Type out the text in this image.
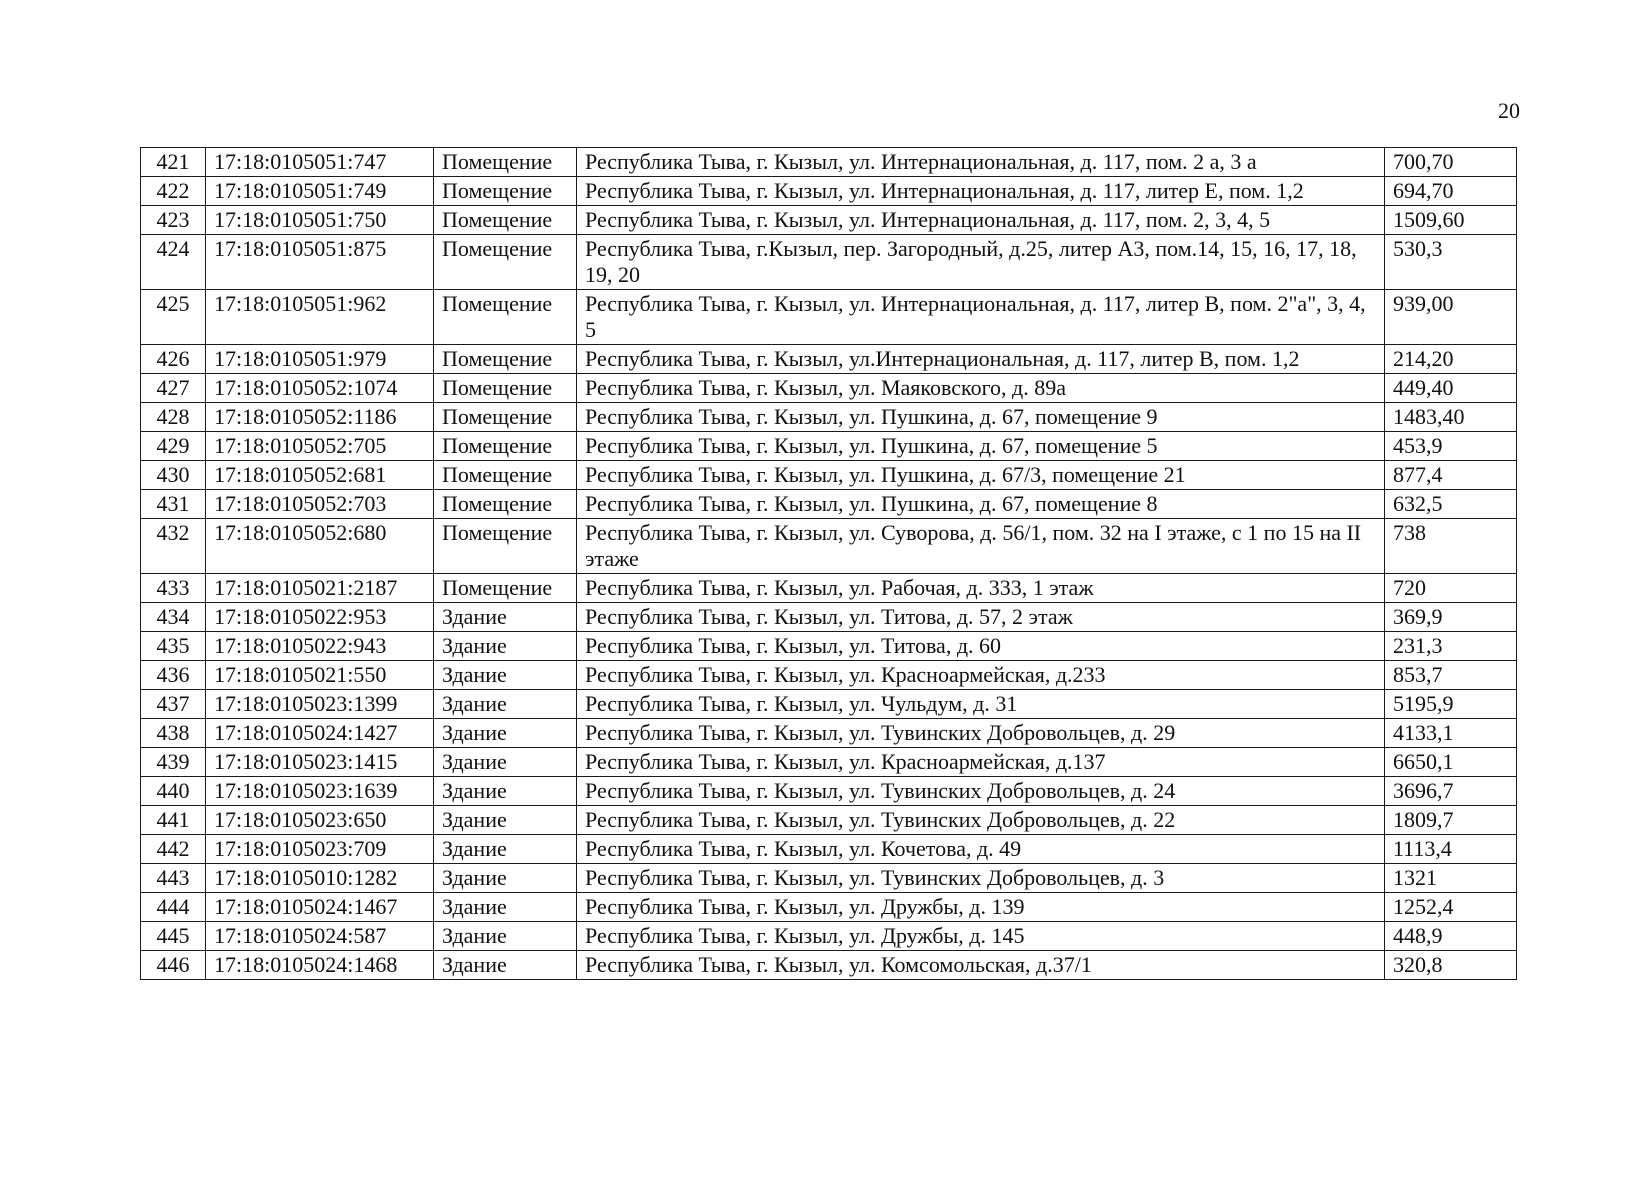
20
421	17:18:0105051:747	Помещение	Республика Тыва, г. Кызыл, ул. Интернациональная, д. 117, пом. 2 а, 3 а	700,70
422	17:18:0105051:749	Помещение	Республика Тыва, г. Кызыл, ул. Интернациональная, д. 117, литер Е, пом. 1,2	694,70
423	17:18:0105051:750	Помещение	Республика Тыва, г. Кызыл, ул. Интернациональная, д. 117, пом. 2, 3, 4, 5	1509,60
424	17:18:0105051:875	Помещение	Республика Тыва, г.Кызыл, пер. Загородный, д.25, литер А3, пом.14, 15, 16, 17, 18, 19, 20	530,3
425	17:18:0105051:962	Помещение	Республика Тыва, г. Кызыл, ул. Интернациональная, д. 117, литер В, пом. 2"а", 3, 4, 5	939,00
426	17:18:0105051:979	Помещение	Республика Тыва, г. Кызыл, ул.Интернациональная, д. 117, литер В, пом. 1,2	214,20
427	17:18:0105052:1074	Помещение	Республика Тыва, г. Кызыл, ул. Маяковского, д. 89а	449,40
428	17:18:0105052:1186	Помещение	Республика Тыва, г. Кызыл, ул. Пушкина, д. 67, помещение 9	1483,40
429	17:18:0105052:705	Помещение	Республика Тыва, г. Кызыл, ул. Пушкина, д. 67, помещение 5	453,9
430	17:18:0105052:681	Помещение	Республика Тыва, г. Кызыл, ул. Пушкина, д. 67/3, помещение 21	877,4
431	17:18:0105052:703	Помещение	Республика Тыва, г. Кызыл, ул. Пушкина, д. 67, помещение 8	632,5
432	17:18:0105052:680	Помещение	Республика Тыва, г. Кызыл, ул. Суворова, д. 56/1, пом. 32 на I этаже, с 1 по 15 на II этаже	738
433	17:18:0105021:2187	Помещение	Республика Тыва, г. Кызыл, ул. Рабочая, д. 333, 1 этаж	720
434	17:18:0105022:953	Здание	Республика Тыва, г. Кызыл, ул. Титова, д. 57, 2 этаж	369,9
435	17:18:0105022:943	Здание	Республика Тыва, г. Кызыл, ул. Титова, д. 60	231,3
436	17:18:0105021:550	Здание	Республика Тыва, г. Кызыл, ул. Красноармейская, д.233	853,7
437	17:18:0105023:1399	Здание	Республика Тыва, г. Кызыл, ул. Чульдум, д. 31	5195,9
438	17:18:0105024:1427	Здание	Республика Тыва, г. Кызыл, ул. Тувинских Добровольцев, д. 29	4133,1
439	17:18:0105023:1415	Здание	Республика Тыва, г. Кызыл, ул. Красноармейская, д.137	6650,1
440	17:18:0105023:1639	Здание	Республика Тыва, г. Кызыл, ул. Тувинских Добровольцев, д. 24	3696,7
441	17:18:0105023:650	Здание	Республика Тыва, г. Кызыл, ул. Тувинских Добровольцев, д. 22	1809,7
442	17:18:0105023:709	Здание	Республика Тыва, г. Кызыл, ул. Кочетова, д. 49	1113,4
443	17:18:0105010:1282	Здание	Республика Тыва, г. Кызыл, ул. Тувинских Добровольцев, д. 3	1321
444	17:18:0105024:1467	Здание	Республика Тыва, г. Кызыл, ул. Дружбы, д. 139	1252,4
445	17:18:0105024:587	Здание	Республика Тыва, г. Кызыл, ул. Дружбы, д. 145	448,9
446	17:18:0105024:1468	Здание	Республика Тыва, г. Кызыл, ул. Комсомольская, д.37/1	320,8
